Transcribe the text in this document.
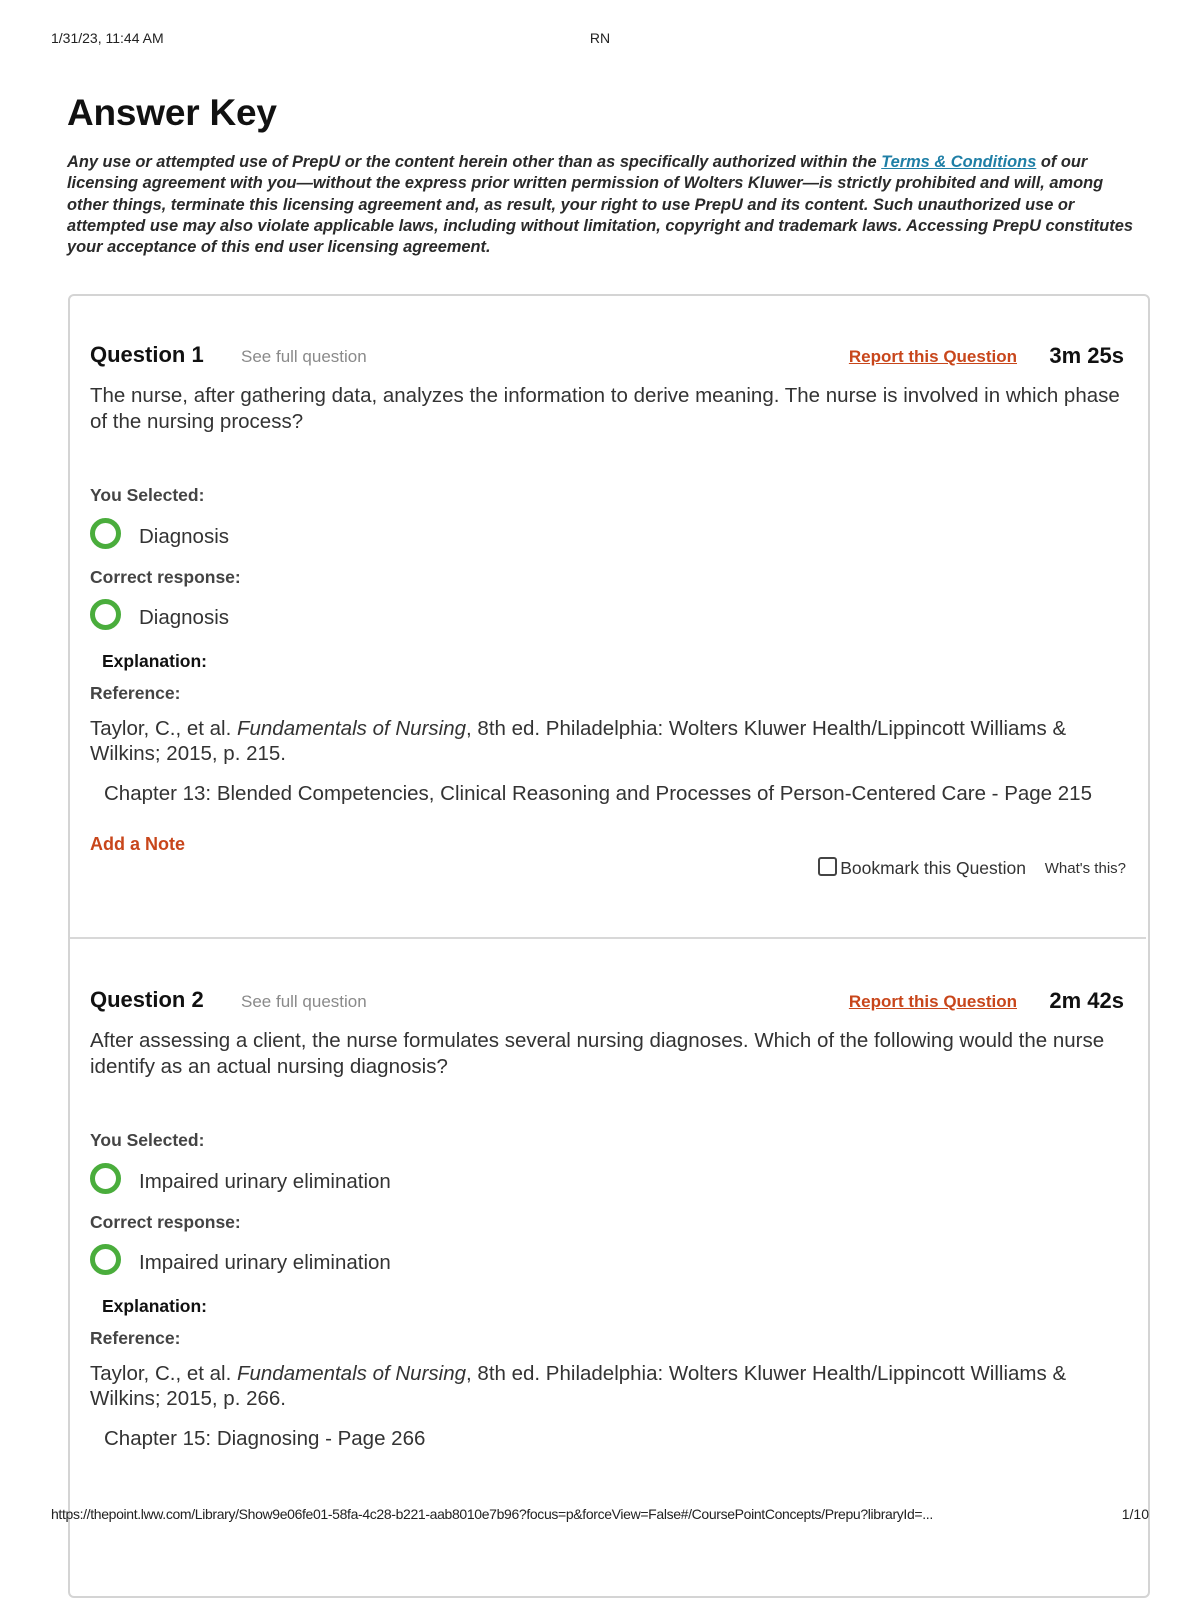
1/31/23, 11:44 AM	RN
Answer Key
Any use or attempted use of PrepU or the content herein other than as specifically authorized within the Terms & Conditions of our licensing agreement with you—without the express prior written permission of Wolters Kluwer—is strictly prohibited and will, among other things, terminate this licensing agreement and, as result, your right to use PrepU and its content. Such unauthorized use or attempted use may also violate applicable laws, including without limitation, copyright and trademark laws. Accessing PrepU constitutes your acceptance of this end user licensing agreement.
Question 1 See full question	Report this Question 3m 25s
The nurse, after gathering data, analyzes the information to derive meaning. The nurse is involved in which phase of the nursing process?
You Selected:
Diagnosis
Correct response:
Diagnosis
Explanation:
Reference:
Taylor, C., et al. Fundamentals of Nursing, 8th ed. Philadelphia: Wolters Kluwer Health/Lippincott Williams & Wilkins; 2015, p. 215.
Chapter 13: Blended Competencies, Clinical Reasoning and Processes of Person-Centered Care - Page 215
Add a Note
Bookmark this Question What's this?
Question 2 See full question	Report this Question 2m 42s
After assessing a client, the nurse formulates several nursing diagnoses. Which of the following would the nurse identify as an actual nursing diagnosis?
You Selected:
Impaired urinary elimination
Correct response:
Impaired urinary elimination
Explanation:
Reference:
Taylor, C., et al. Fundamentals of Nursing, 8th ed. Philadelphia: Wolters Kluwer Health/Lippincott Williams & Wilkins; 2015, p. 266.
Chapter 15: Diagnosing - Page 266
https://thepoint.lww.com/Library/Show9e06fe01-58fa-4c28-b221-aab8010e7b96?focus=p&forceView=False#/CoursePointConcepts/Prepu?libraryId=...	1/10
